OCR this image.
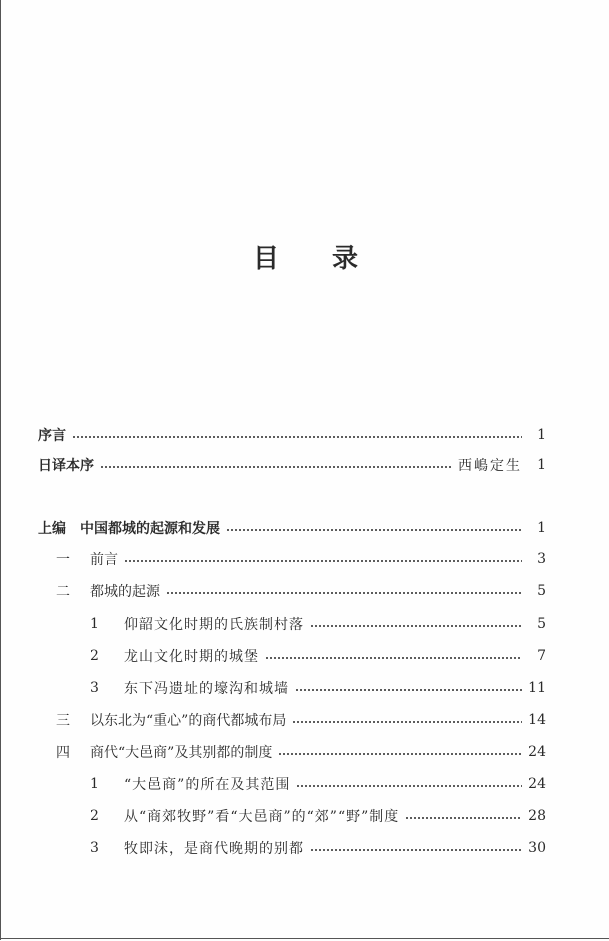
目 录
序言	1
日译本序	西嶋定生	1
上编　中国都城的起源和发展	1
一	前言	3
二	都城的起源	5
1	仰韶文化时期的氏族制村落	5
2	龙山文化时期的城堡	7
3	东下冯遗址的壕沟和城墙	11
三	以东北为“重心”的商代都城布局	14
四	商代“大邑商”及其别都的制度	24
1	“大邑商”的所在及其范围	24
2	从“商郊牧野”看“大邑商”的“郊”“野”制度	28
3	牧即沬，是商代晚期的别都	30
